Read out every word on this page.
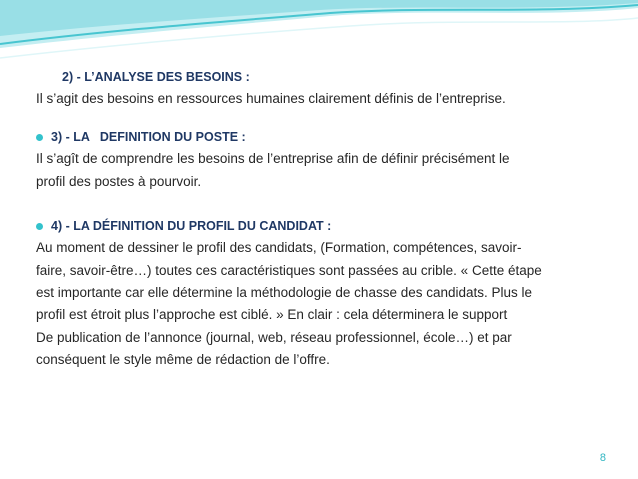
2) - L’ANALYSE DES BESOINS :

Il s’agit des besoins en ressources humaines clairement définis de l’entreprise.

3) - LA   DEFINITION DU POSTE :

Il s’agît de comprendre les besoins de l’entreprise afin de définir précisément le
profil des postes à pourvoir.

4) - LA DÉFINITION DU PROFIL DU CANDIDAT :

Au moment de dessiner le profil des candidats, (Formation, compétences, savoir-
faire, savoir-être…) toutes ces caractéristiques sont passées au crible. « Cette étape
est importante car elle détermine la méthodologie de chasse des candidats. Plus le
profil est étroit plus l’approche est ciblé. » En clair : cela déterminera le support
De publication de l’annonce (journal, web, réseau professionnel, école…) et par
conséquent le style même de rédaction de l’offre.

8
